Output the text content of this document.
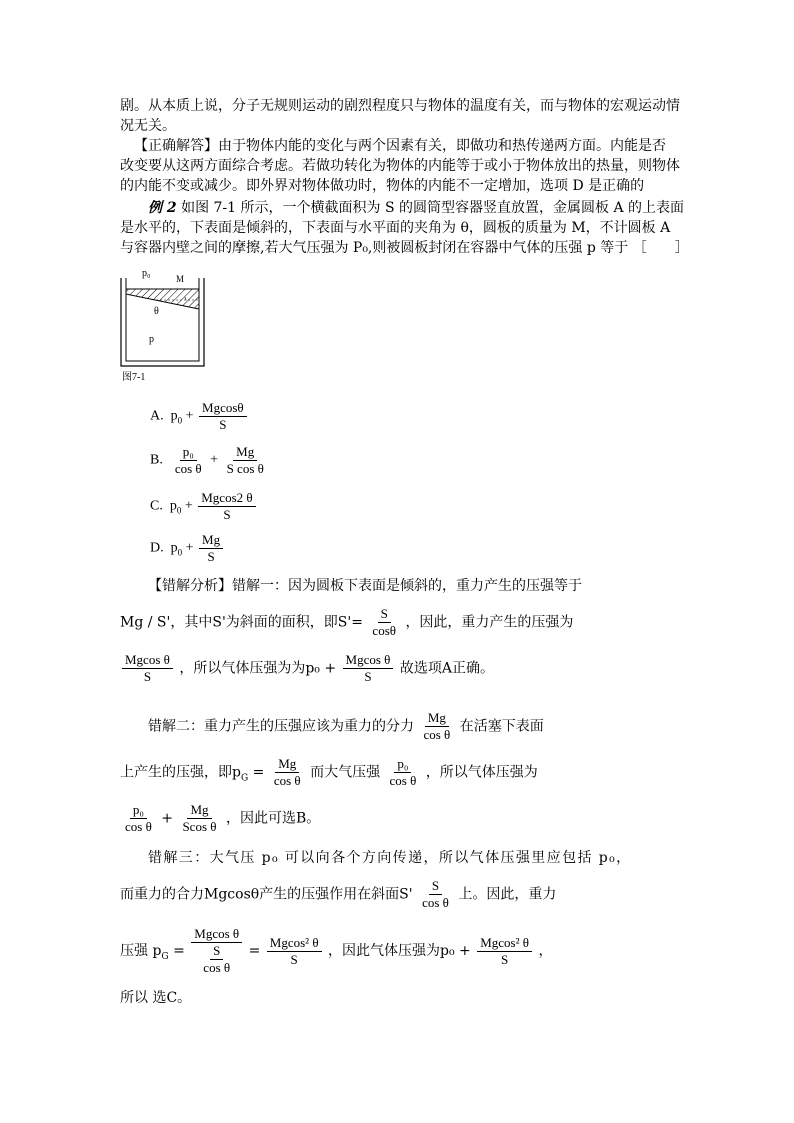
剧。从本质上说，分子无规则运动的剧烈程度只与物体的温度有关，而与物体的宏观运动情
况无关。
【正确解答】由于物体内能的变化与两个因素有关，即做功和热传递两方面。内能是否
改变要从这两方面综合考虑。若做功转化为物体的内能等于或小于物体放出的热量，则物体
的内能不变或减少。即外界对物体做功时，物体的内能不一定增加，选项 D 是正确的
例 2 如图 7-1 所示，一个横截面积为 S 的圆筒型容器竖直放置，金属圆板 A 的上表面
是水平的，下表面是倾斜的，下表面与水平面的夹角为 θ，圆板的质量为 M，不计圆板 A
与容器内壁之间的摩擦,若大气压强为 P₀,则被圆板封闭在容器中气体的压强 p 等于 ［　　］
p₀	M
θ
p
图7-1
A. $p_0 + \frac{Mgcos\theta}{S}$
B. $\frac{\text{p₀}}{\text{cos θ}} + \frac{Mg}{\text{S cos θ}}$
C. $p_0 + \frac{Mgcos2 \theta}{S}$
D. $p_0 + \frac{Mg}{S}$
【错解分析】错解一：因为圆板下表面是倾斜的，重力产生的压强等于
Mg / S'，其中S'为斜面的面积，即$S'= \frac{S}{\cos\theta}$ ，因此，重力产生的压强为
$\frac{\text{Mgcos θ}}{S}$ ，所以气体压强为为$p_0 + \frac{\text{Mgcos θ}}{S}$ 故选项A正确。
错解二：重力产生的压强应该为重力的分力 $\frac{Mg}{\text{cos θ}}$ 在活塞下表面
上产生的压强，即$p_G = \frac{Mg}{\text{cos θ}}$ 而大气压强 $\frac{\text{p₀}}{\text{cos θ}}$ ，所以气体压强为
$\frac{\text{p₀}}{\text{cos θ}} + \frac{Mg}{\text{Scos θ}}$ ，因此可选B。
错解三：大气压 p₀ 可以向各个方向传递，所以气体压强里应包括 p₀，
而重力的合力Mgcosθ产生的压强作用在斜面$S' \frac{S}{\text{cos θ}}$ 上。因此，重力
压强 $p_G = \frac{\text{Mgcos θ}}{\frac{S}{\text{cos θ}}} = \frac{\text{Mgcos² θ}}{S}$ ，因此气体压强为$p_0 + \frac{\text{Mgcos² θ}}{S}$ ，
所以 选C。
